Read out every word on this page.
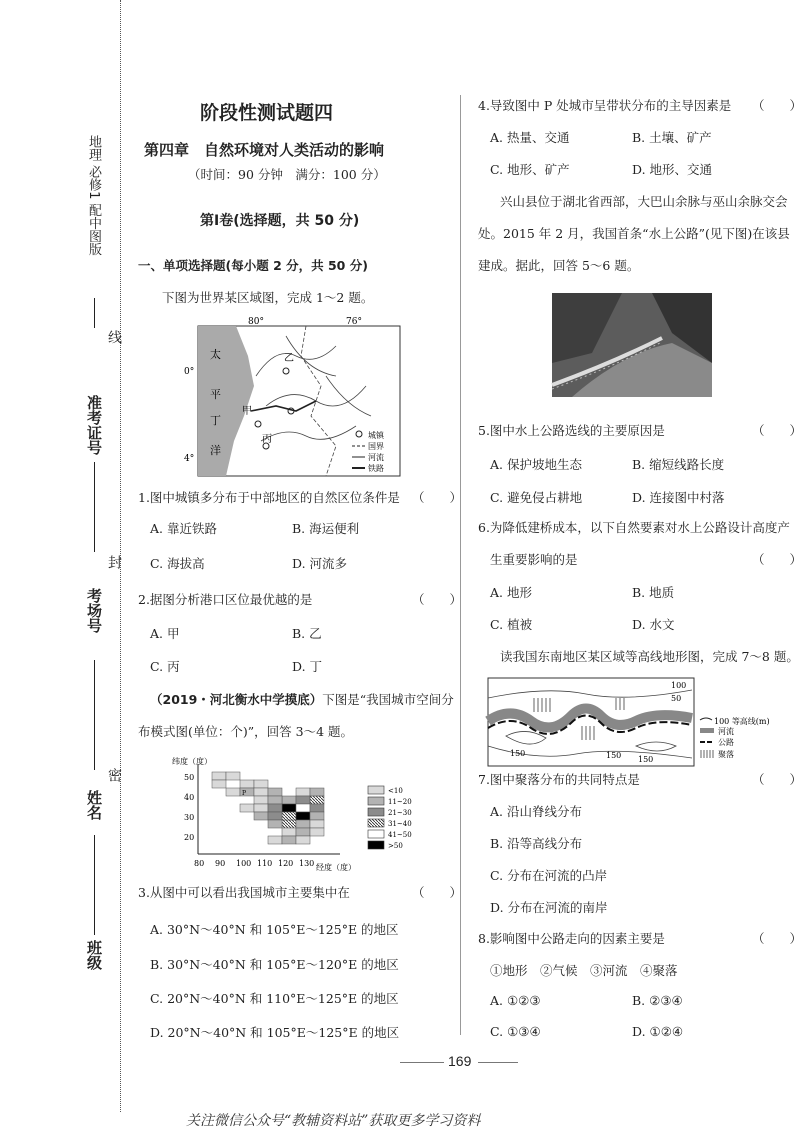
地理 必修1 配中图版
线
准考证号
封
考场号
密
姓名
班级
阶段性测试题四
第四章　自然环境对人类活动的影响
（时间：90 分钟　满分：100 分）
第Ⅰ卷(选择题，共 50 分)
一、单项选择题(每小题 2 分，共 50 分)
下图为世界某区域图，完成 1～2 题。
80°	76°
0°
4°
太
平
丁
洋
乙
甲
丙	城镇
国界
河流
铁路
1.图中城镇多分布于中部地区的自然区位条件是 （　　）
A. 靠近铁路	B. 海运便利
C. 海拔高	D. 河流多
2.据图分析港口区位最优越的是	（　　）
A. 甲	B. 乙
C. 丙	D. 丁
（2019・河北衡水中学摸底）下图是“我国城市空间分
布模式图(单位：个)”，回答 3～4 题。
纬度（度）
经度（度）
80 90 100 110 120 130
50
40
30
20
P	<10
11~20
21~30
31~40
41~50
>50
3.从图中可以看出我国城市主要集中在	（　　）
A. 30°N～40°N 和 105°E～125°E 的地区
B. 30°N～40°N 和 105°E～120°E 的地区
C. 20°N～40°N 和 110°E～125°E 的地区
D. 20°N～40°N 和 105°E～125°E 的地区
4.导致图中 P 处城市呈带状分布的主导因素是 （　　）
A. 热量、交通	B. 土壤、矿产
C. 地形、矿产	D. 地形、交通
兴山县位于湖北省西部，大巴山余脉与巫山余脉交会
处。2015 年 2 月，我国首条“水上公路”(见下图)在该县
建成。据此，回答 5～6 题。
5.图中水上公路选线的主要原因是	（　　）
A. 保护坡地生态	B. 缩短线路长度
C. 避免侵占耕地	D. 连接图中村落
6.为降低建桥成本，以下自然要素对水上公路设计高度产
生重要影响的是	（　　）
A. 地形	B. 地质
C. 植被	D. 水文
读我国东南地区某区域等高线地形图，完成 7～8 题。
100
50
150	150 150
100 等高线(m)
河流
公路
聚落
7.图中聚落分布的共同特点是	（　　）
A. 沿山脊线分布
B. 沿等高线分布
C. 分布在河流的凸岸
D. 分布在河流的南岸
8.影响图中公路走向的因素主要是	（　　）
①地形　②气候　③河流　④聚落
A. ①②③	B. ②③④
C. ①③④	D. ①②④
169
关注微信公众号“教辅资料站”获取更多学习资料
